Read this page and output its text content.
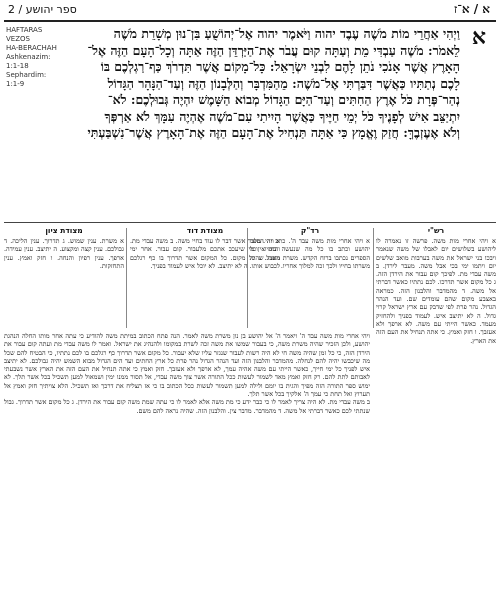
2 / ספר יהושע	א / א־ז
HAFTARAS
VEZOS
HA-BERACHAH
Ashkenazim:
1:1-18
Sephardim:
1:1-9
א

וַיְהִי אַחֲרֵי מוֹת מֹשֶׁה עֶבֶד יהוה וַיֹּאמֶר יהוה אֶל־יְהוֹשֻׁעַ בִּן־נוּן מְשָׁרֵת מֹשֶׁה

לֵאמֹר: מֹשֶׁה עַבְדִּי מֵת וְעַתָּה קוּם עֲבֹר אֶת־הַיַּרְדֵּן הַזֶּה אַתָּה וְכָל־הָעָם הַזֶּה אֶל־

הָאָרֶץ אֲשֶׁר אָנֹכִי נֹתֵן לָהֶם לִבְנֵי יִשְׂרָאֵל: כָּל־מָקוֹם אֲשֶׁר תִּדְרֹךְ כַּף־רַגְלְכֶם בּוֹ

לָכֶם נְתַתִּיו כַּאֲשֶׁר דִּבַּרְתִּי אֶל־מֹשֶׁה: מֵהַמִּדְבָּר וְהַלְּבָנוֹן הַזֶּה וְעַד־הַנָּהָר הַגָּדוֹל

נְהַר־פְּרָת כֹּל אֶרֶץ הַחִתִּים וְעַד־הַיָּם הַגָּדוֹל מְבוֹא הַשָּׁמֶשׁ יִהְיֶה גְּבוּלְכֶם: לֹא־

יִתְיַצֵּב אִישׁ לְפָנֶיךָ כֹּל יְמֵי חַיֶּיךָ כַּאֲשֶׁר הָיִיתִי עִם־מֹשֶׁה אֶהְיֶה עִמָּךְ לֹא אַרְפְּךָ

וְלֹא אֶעֶזְבֶךָּ: חֲזַק וֶאֱמָץ כִּי אַתָּה תַּנְחִיל אֶת־הָעָם הַזֶּה אֶת־הָאָרֶץ אֲשֶׁר־נִשְׁבַּעְתִּי

רש"י

א ויהי אחרי מות משה. פרשה זו נאמרה לו ליהושע בשלושים יום לאבלו של משה שנאמר ויבכו בני ישראל את משה בערבות מואב שלשים יום ויתמו ימי בכי אבל משה. מעבר לירדן. ב משה עבדי מת. לפיכך קום עבור את הירדן הזה. ג כל מקום אשר תדרכו. לכם נתתיו כאשר דברתי אל משה. ד מהמדבר והלבנון הזה. כמראה באצבע מקום שהם עומדים שם. ועד הנהר הגדול. נהר פרת לפי שדבק עם ארץ ישראל קרוי גדול. ה לא יתיצב איש. לעמוד בפניך ולהחזיק מעמד. כאשר הייתי עם משה. לא ארפך ולא אעזבך. ו חזק ואמץ. כי אתה תנחיל את העם הזה את הארץ.

רד"ק

א ויהי אחרי מות משה עבד ה'. כתב זה הספר יהושע וכתב בו כל מה שנעשה בימיו. וכל הספרים נכתבו ברוח הקדש. משרת משה. שהיה משרתו בחייו ולכך זכה למלוך אחריו.

מצודת דוד

א ויהי. מלבד אשר דבר לו עוד בחיי משה. ב משה עבדי מת. והנה אין מי שיעכב אתכם מלעבור. קום עבור. אחר ימי האבל. ג כל מקום. כל המקום אשר תדרוך בו כף רגלכם לכבוש אותו. ה לא יתיצב. לא יוכל איש לעמוד בפניך.

מצודת ציון

א משרת. ענין שמוש. ג תדרוך. ענין הליכה. ד גבולכם. ענין קצה ומקצוע. ה יתיצב. ענין עמידה. ארפך. ענין רפיון והנחה. ו חזק ואמץ. ענין התחזקות.

ויהי אחרי מות משה עבד ה' ויאמר ה' אל יהושע בן נון משרת משה לאמר. הנה פתח הכתוב במיתת משה להודיע כי עתה אחר מותו החלה הנהגת יהושע, ולכן הזכיר שהיה משרת משה, כי בעבור שמשו את משה זכה לשרת במקומו ולהנהיג את ישראל. ואמר לו משה עבדי מת ועתה קום עבור את הירדן הזה, כי כל זמן שהיה משה חי לא היה רשות לעבור שנגזר עליו שלא יעבור. כל מקום אשר תדרוך כף רגלכם בו לכם נתתיו, כי הבטיח להם שכל מה שיכבשו יהיה להם לנחלה. מהמדבר והלבנון הזה ועד הנהר הגדול נהר פרת כל ארץ החתים ועד הים הגדול מבוא השמש יהיה גבולכם. לא יתיצב איש לפניך כל ימי חייך, כאשר הייתי עם משה אהיה עמך, לא ארפך ולא אעזבך. חזק ואמץ כי אתה תנחיל את העם הזה את הארץ אשר נשבעתי לאבותם לתת להם. רק חזק ואמץ מאד לשמור לעשות ככל התורה אשר צוך משה עבדי, אל תסור ממנו ימין ושמאול למען תשכיל בכל אשר תלך. לא ימוש ספר התורה הזה מפיך והגית בו יומם ולילה למען תשמור לעשות ככל הכתוב בו כי אז תצליח את דרכך ואז תשכיל. הלא צויתיך חזק ואמץ אל תערוץ ואל תחת כי עמך ה' אלקיך בכל אשר תלך.

ב משה עבדי מת. לא היה צריך לאמר לו כי כבר ידע כי מת משה אלא לאמר לו כי עתה שמת משה קום עבור את הירדן. ג כל מקום אשר תדרוך. גבול שנתתי לכם כאשר דברתי אל משה. ד מהמדבר. מדבר צין. והלבנון הזה. שהיה נראה להם משם.
